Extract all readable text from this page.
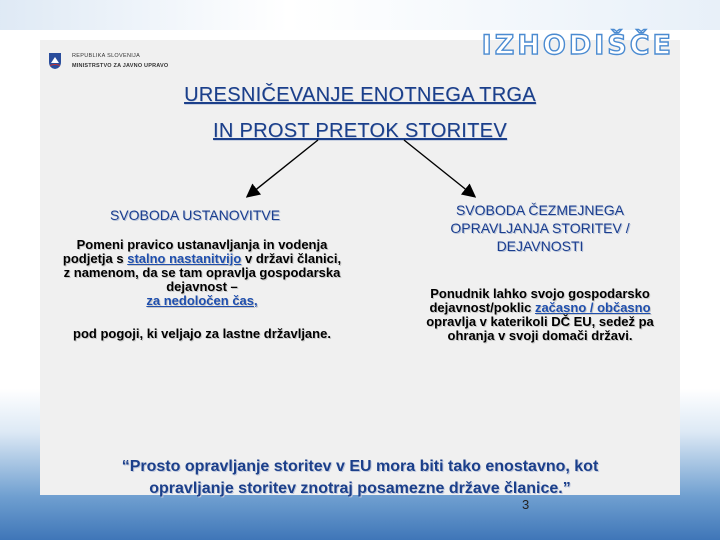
REPUBLIKA SLOVENIJA
MINISTRSTVO ZA JAVNO UPRAVO
IZHODIŠČE
URESNIČEVANJE ENOTNEGA TRGA
IN PROST PRETOK STORITEV
SVOBODA USTANOVITVE
Pomeni pravico ustanavljanja in vodenja podjetja s stalno nastanitvijo v državi članici, z namenom, da se tam opravlja gospodarska dejavnost –
za nedoločen čas,
pod pogoji, ki veljajo za lastne državljane.
SVOBODA ČEZMEJNEGA
OPRAVLJANJA STORITEV /
DEJAVNOSTI
Ponudnik lahko svojo gospodarsko dejavnost/poklic začasno / občasno opravlja v katerikoli DČ EU, sedež pa ohranja v svoji domači državi.
“Prosto opravljanje storitev v EU mora biti tako enostavno, kot
opravljanje storitev znotraj posamezne države članice.”
3
